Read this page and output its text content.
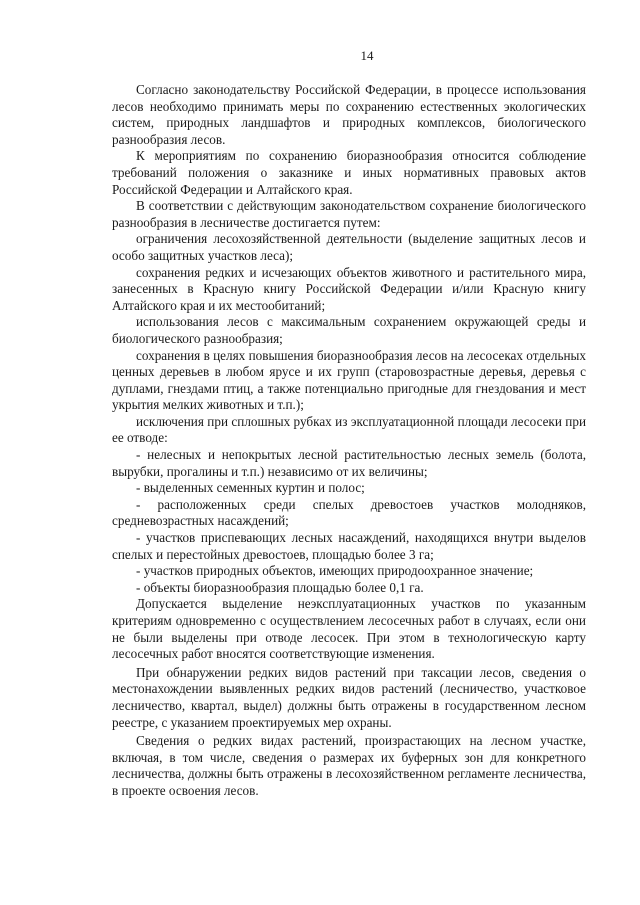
14

Согласно законодательству Российской Федерации, в процессе использования лесов необходимо принимать меры по сохранению естественных экологических систем, природных ландшафтов и природных комплексов, биологического разнообразия лесов.

К мероприятиям по сохранению биоразнообразия относится соблюдение требований положения о заказнике и иных нормативных правовых актов Российской Федерации и Алтайского края.

В соответствии с действующим законодательством сохранение биологического разнообразия в лесничестве достигается путем:

ограничения лесохозяйственной деятельности (выделение защитных лесов и особо защитных участков леса);

сохранения редких и исчезающих объектов животного и растительного мира, занесенных в Красную книгу Российской Федерации и/или Красную книгу Алтайского края и их местообитаний;

использования лесов с максимальным сохранением окружающей среды и биологического разнообразия;

сохранения в целях повышения биоразнообразия лесов на лесосеках отдельных ценных деревьев в любом ярусе и их групп (старовозрастные деревья, деревья с дуплами, гнездами птиц, а также потенциально пригодные для гнездования и мест укрытия мелких животных и т.п.);

исключения при сплошных рубках из эксплуатационной площади лесосеки при ее отводе:

- нелесных и непокрытых лесной растительностью лесных земель (болота, вырубки, прогалины и т.п.) независимо от их величины;

- выделенных семенных куртин и полос;

- расположенных среди спелых древостоев участков молодняков, средневозрастных насаждений;

- участков приспевающих лесных насаждений, находящихся внутри выделов спелых и перестойных древостоев, площадью более 3 га;

- участков природных объектов, имеющих природоохранное значение;

- объекты биоразнообразия площадью более 0,1 га.

Допускается выделение неэксплуатационных участков по указанным критериям одновременно с осуществлением лесосечных работ в случаях, если они не были выделены при отводе лесосек. При этом в технологическую карту лесосечных работ вносятся соответствующие изменения.

При обнаружении редких видов растений при таксации лесов, сведения о местонахождении выявленных редких видов растений (лесничество, участковое лесничество, квартал, выдел) должны быть отражены в государственном лесном реестре, с указанием проектируемых мер охраны.

Сведения о редких видах растений, произрастающих на лесном участке, включая, в том числе, сведения о размерах их буферных зон для конкретного лесничества, должны быть отражены в лесохозяйственном регламенте лесничества, в проекте освоения лесов.
